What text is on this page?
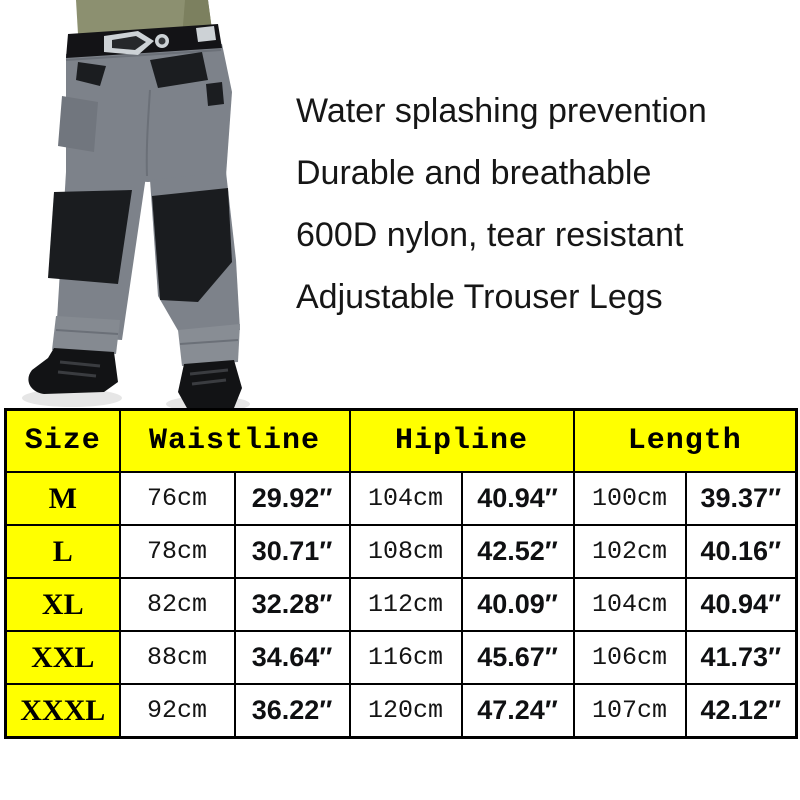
Water splashing prevention
Durable and breathable
600D nylon, tear resistant
Adjustable Trouser Legs
Size	Waistline		Hipline		Length	
M	76cm	29.92″	104cm	40.94″	100cm	39.37″
L	78cm	30.71″	108cm	42.52″	102cm	40.16″
XL	82cm	32.28″	112cm	40.09″	104cm	40.94″
XXL	88cm	34.64″	116cm	45.67″	106cm	41.73″
XXXL	92cm	36.22″	120cm	47.24″	107cm	42.12″
